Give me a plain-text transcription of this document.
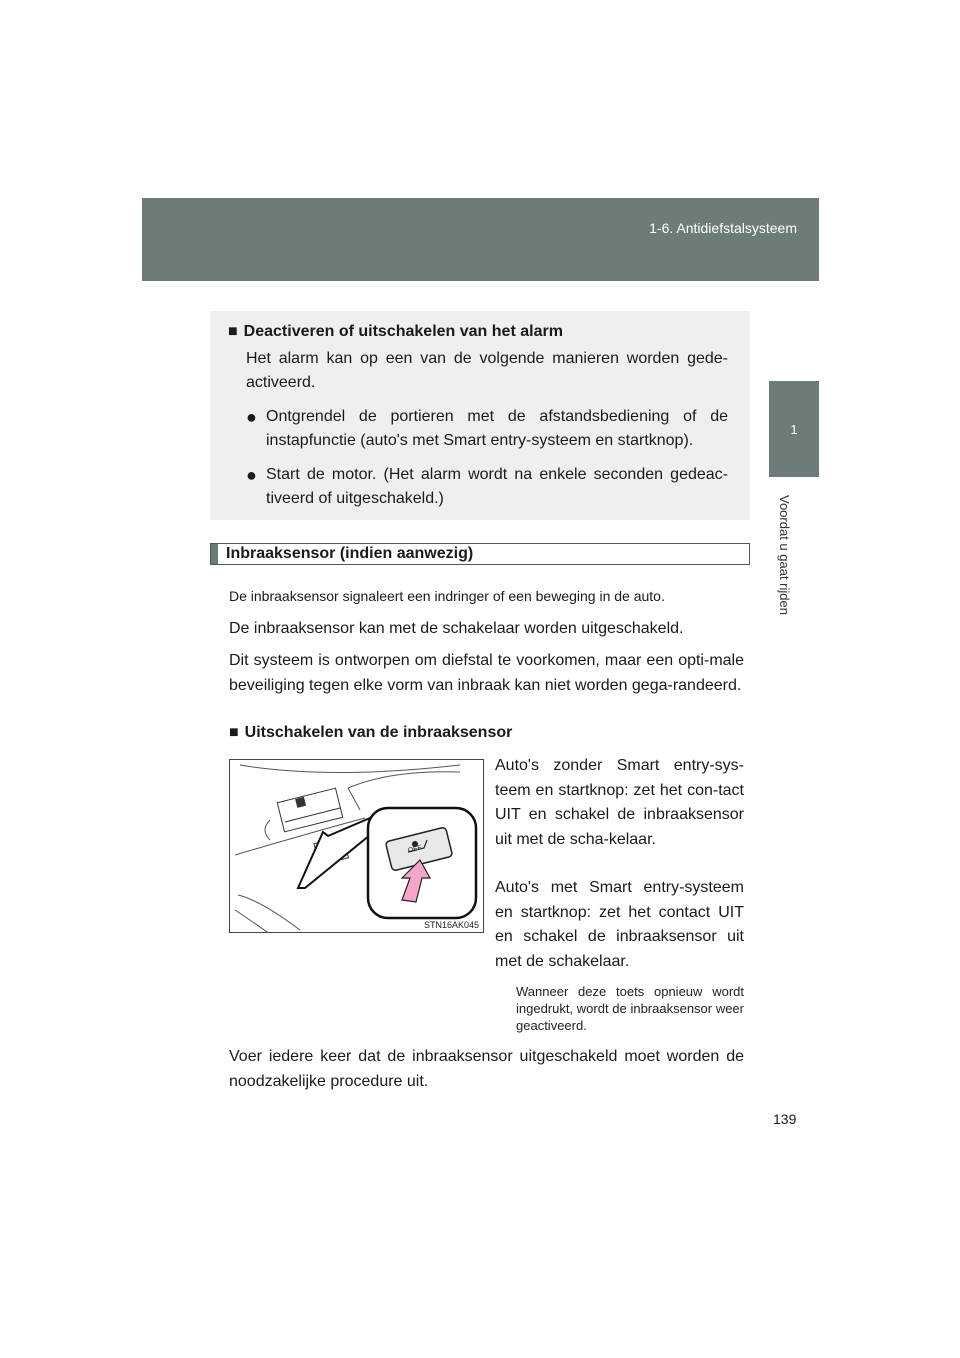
1-6. Antidiefstalsysteem
1
Voordat u gaat rijden
■ Deactiveren of uitschakelen van het alarm
Het alarm kan op een van de volgende manieren worden gede-activeerd.
● Ontgrendel de portieren met de afstandsbediening of de instapfunctie (auto's met Smart entry-systeem en startknop).
● Start de motor. (Het alarm wordt na enkele seconden gedeac-tiveerd of uitgeschakeld.)
Inbraaksensor (indien aanwezig)
De inbraaksensor signaleert een indringer of een beweging in de auto.
De inbraaksensor kan met de schakelaar worden uitgeschakeld.
Dit systeem is ontworpen om diefstal te voorkomen, maar een opti-male beveiliging tegen elke vorm van inbraak kan niet worden gega-randeerd.
■ Uitschakelen van de inbraaksensor
OFF
STN16AK045
Auto's zonder Smart entry-sys-teem en startknop: zet het con-tact UIT en schakel de inbraaksensor uit met de scha-kelaar.
Auto's met Smart entry-systeem en startknop: zet het contact UIT en schakel de inbraaksensor uit met de schakelaar.
Wanneer deze toets opnieuw wordt ingedrukt, wordt de inbraaksensor weer geactiveerd.
Voer iedere keer dat de inbraaksensor uitgeschakeld moet worden de noodzakelijke procedure uit.
139
